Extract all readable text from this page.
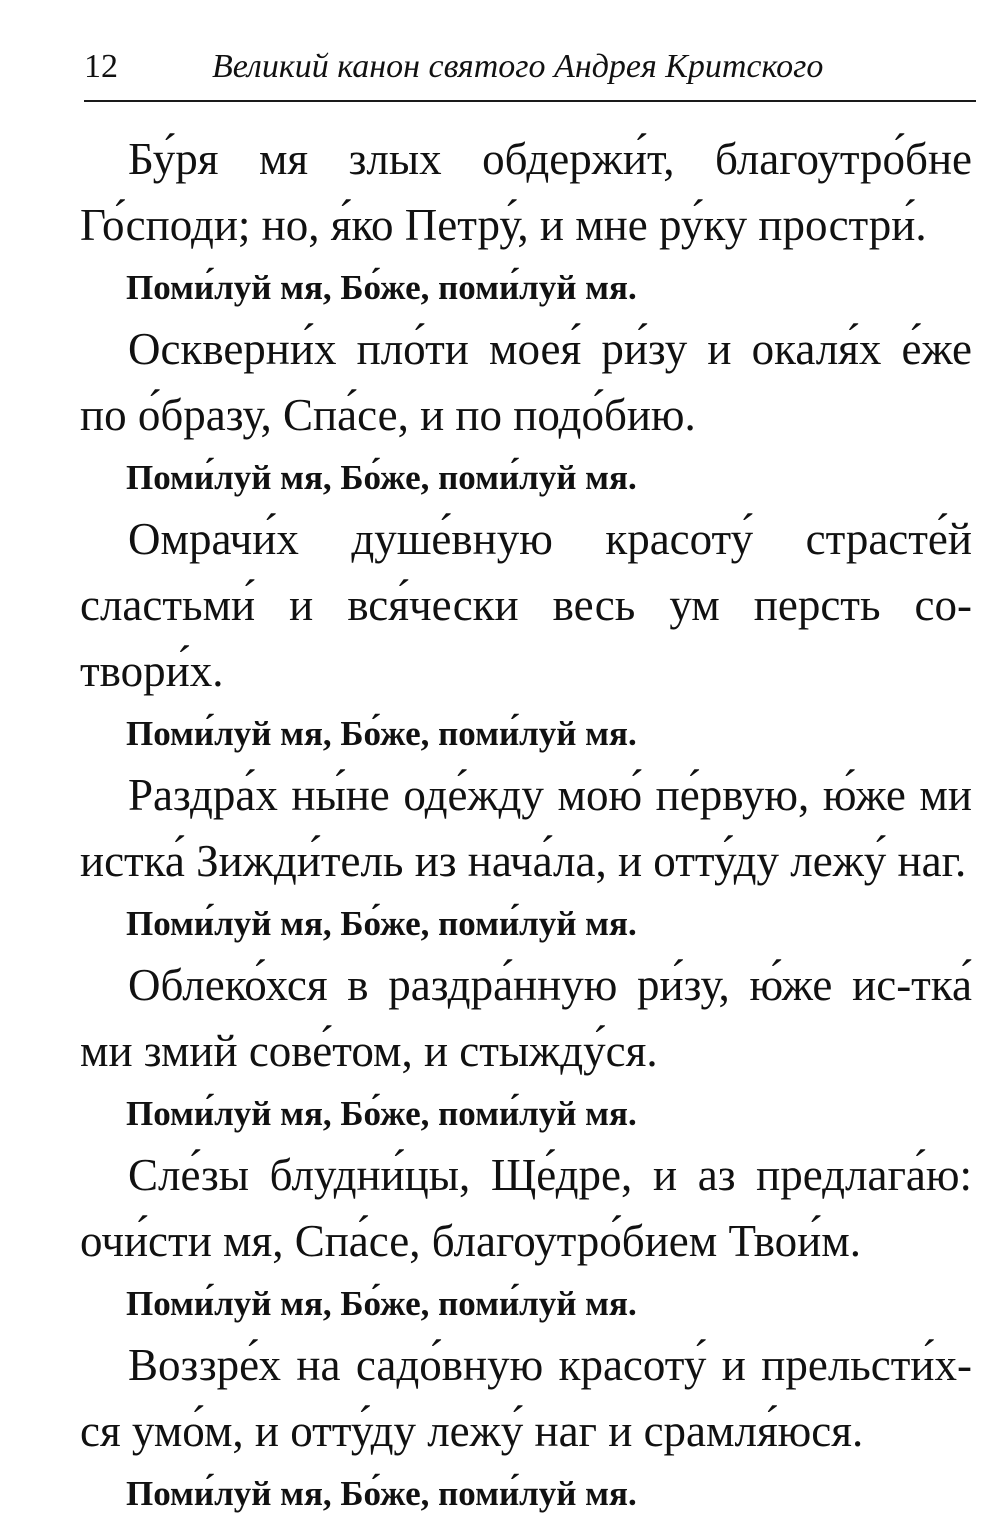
12	Великий канон святого Андрея Критского

Бу́ря мя злых обдержи́т, благоутро́бне Го́споди; но, я́ко Петру́, и мне ру́ку простри́.

Поми́луй мя, Бо́же, поми́луй мя.

Оскверни́х пло́ти моея́ ри́зу и окаля́х е́же по о́бразу, Спа́се, и по подо́бию.

Поми́луй мя, Бо́же, поми́луй мя.

Омрачи́х душе́вную красоту́ страсте́й сластьми́ и вся́чески весь ум персть со-твори́х.

Поми́луй мя, Бо́же, поми́луй мя.

Раздра́х ны́не оде́жду мою́ пе́рвую, ю́же ми истка́ Зижди́тель из нача́ла, и отту́ду лежу́ наг.

Поми́луй мя, Бо́же, поми́луй мя.

Облеко́хся в раздра́нную ри́зу, ю́же ис-тка́ ми змий сове́том, и стыжду́ся.

Поми́луй мя, Бо́же, поми́луй мя.

Сле́зы блудни́цы, Ще́дре, и аз предлага́ю: очи́сти мя, Спа́се, благоутро́бием Твои́м.

Поми́луй мя, Бо́же, поми́луй мя.

Воззре́х на садо́вную красоту́ и прельсти́х-ся умо́м, и отту́ду лежу́ наг и срамля́юся.

Поми́луй мя, Бо́же, поми́луй мя.
